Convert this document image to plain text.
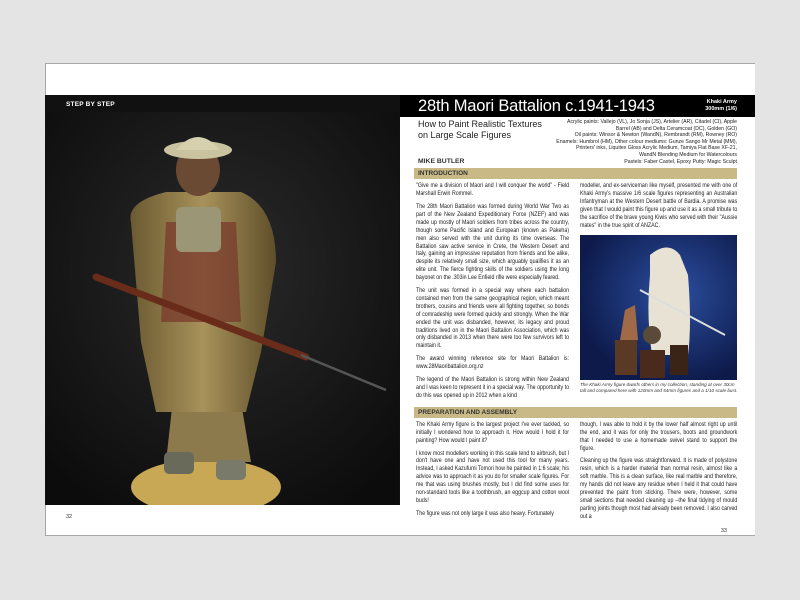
STEP BY STEP
32
28th Maori Battalion c.1941-1943	Khaki Army
300mm (1/6)
How to Paint Realistic Textures
on Large Scale Figures
MIKE BUTLER
Acrylic paints: Vallejo (VL), Jo Sonja (JS), Artelier (AR), Citadel (CI), Apple
Barrel (AB) and Delta Ceramcoat (DC), Golden (GO)
Oil paints: Winsor & Newton (WandN), Rembrandt (RM), Rowney (RO)
Enamels: Humbrol (HM), Other colour mediums: Gunze Sango Mr Metal (MM),
Printers' inks, Liquitex Gloss Acrylic Medium, Tamiya Flat Base XF-21,
WandN Blending Medium for Watercolours
Pastels: Faber Castel, Epoxy Putty: Magic Sculpt
INTRODUCTION

"Give me a division of Maori and I will conquer the world" - Field Marshall Erwin Rommel.

The 28th Maori Battalion was formed during World War Two as part of the New Zealand Expeditionary Force (NZEF) and was made up mostly of Maori soldiers from tribes across the country, though some Pacific Island and European (known as Pakeha) men also served with the unit during its time overseas. The Battalion saw active service in Crete, the Western Desert and Italy, gaining an impressive reputation from friends and foe alike, despite its relatively small size, which arguably qualifies it as an elite unit. The fierce fighting skills of the soldiers using the long bayonet on the .303in Lee Enfield rifle were especially feared.

The unit was formed in a special way where each battalion contained men from the same geographical region, which meant brothers, cousins and friends were all fighting together, so bonds of comradeship were formed quickly and strongly. When the War ended the unit was disbanded, however, its legacy and proud traditions lived on in the Maori Battalion Association, which was only disbanded in 2013 when there were too few survivors left to maintain it.

The award winning reference site for Maori Battalion is: www.28Maoribattalion.org.nz

The legend of the Maori Battalion is strong within New Zealand and I was keen to represent it in a special way. The opportunity to do this was opened up in 2012 when a kind

modeller, and ex-serviceman like myself, presented me with one of Khaki Army's massive 1/6 scale figures representing an Australian Infantryman at the Western Desert battle of Bardia. A promise was given that I would paint this figure up and use it as a small tribute to the sacrifice of the brave young Kiwis who served with their "Aussie mates" in the true spirit of ANZAC.

The Khaki Army figure dwarfs others in my collection, standing at over 30cm tall and compared here with 120mm and 54mm figures and a 1/10 scale bust.
PREPARATION AND ASSEMBLY

The Khaki Army figure is the largest project I've ever tackled, so initially I wondered how to approach it. How would I hold it for painting? How would I paint it?

I know most modellers working in this scale tend to airbrush, but I don't have one and have not used this tool for many years. Instead, I asked Kazufumi Tomori how he painted in 1:6 scale; his advice was to approach it as you do for smaller scale figures. For me that was using brushes mostly, but I did find some uses for non-standard tools like a toothbrush, an eggcup and cotton wool buds!

The figure was not only large it was also heavy. Fortunately

though, I was able to hold it by the lower half almost right up until the end, and it was for only the trousers, boots and groundwork that I needed to use a homemade swivel stand to support the figure.

Cleaning up the figure was straightforward. It is made of polystone resin, which is a harder material than normal resin, almost like a soft marble. This is a clean surface, like real marble and therefore, my hands did not leave any residue when I held it that could have prevented the paint from sticking. There were, however, some small sections that needed cleaning up –the final tidying of mould parting joints though most had already been removed. I also carved out a

33
